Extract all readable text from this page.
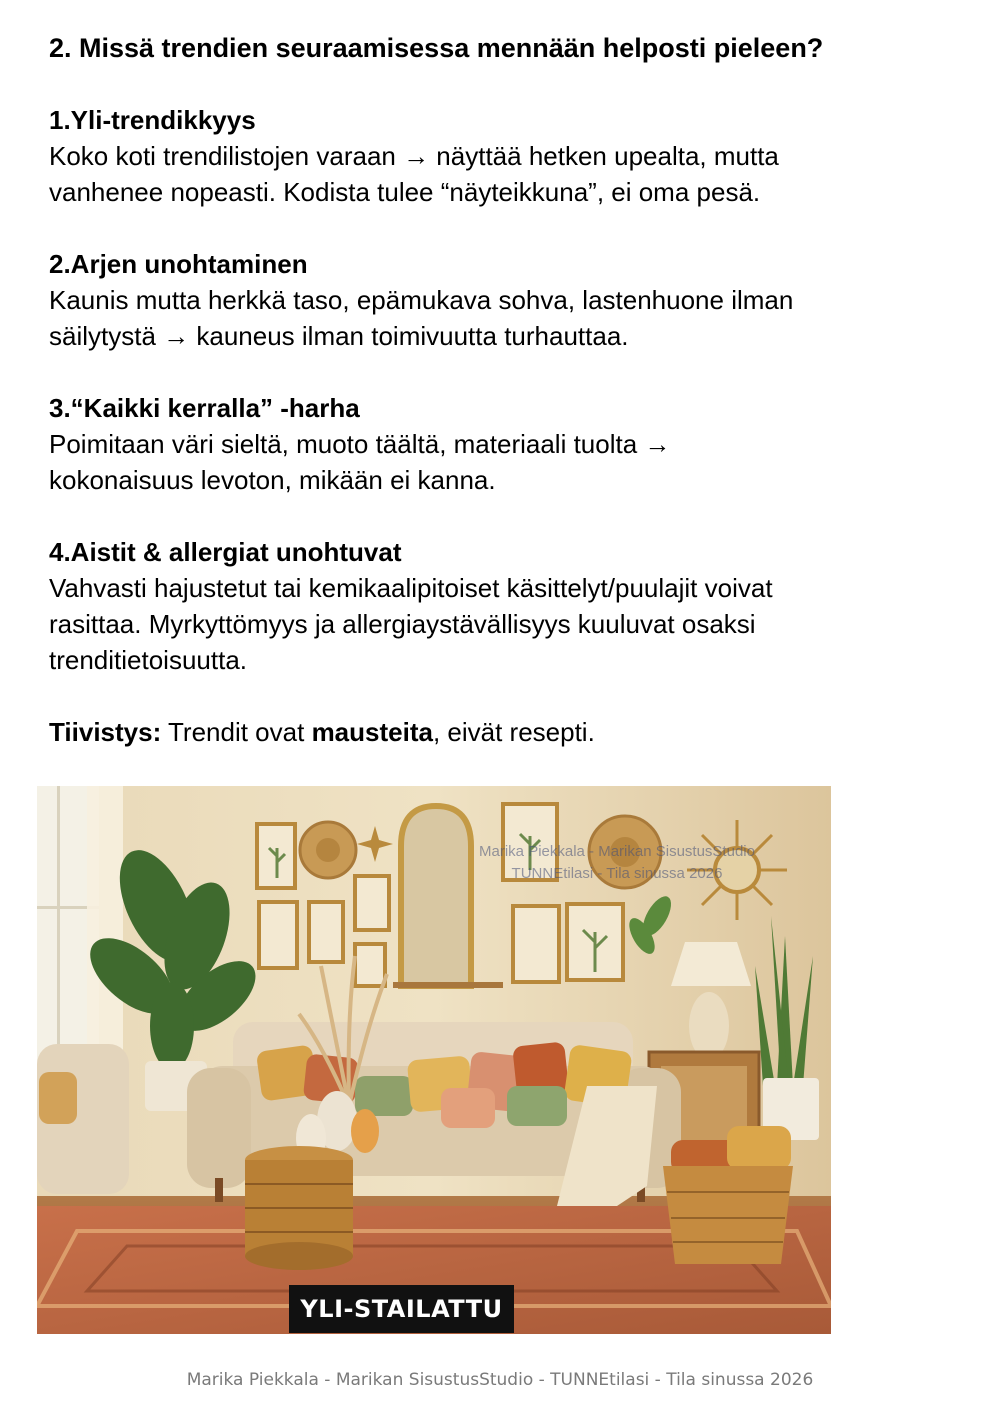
2. Missä trendien seuraamisessa mennään helposti pieleen?

1.Yli-trendikkyys

Koko koti trendilistojen varaan → näyttää hetken upealta, mutta

vanhenee nopeasti. Kodista tulee “näyteikkuna”, ei oma pesä.

2.Arjen unohtaminen

Kaunis mutta herkkä taso, epämukava sohva, lastenhuone ilman

säilytystä → kauneus ilman toimivuutta turhauttaa.

3.“Kaikki kerralla” -harha

Poimitaan väri sieltä, muoto täältä, materiaali tuolta →

kokonaisuus levoton, mikään ei kanna.

4.Aistit & allergiat unohtuvat

Vahvasti hajustetut tai kemikaalipitoiset käsittelyt/puulajit voivat

rasittaa. Myrkyttömyys ja allergiaystävällisyys kuuluvat osaksi

trenditietoisuutta.

Tiivistys: Trendit ovat mausteita, eivät resepti.

Marika Piekkala - Marikan SisustusStudio
TUNNEtilasi - Tila sinussa 2026
YLI-STAILATTU
Marika Piekkala - Marikan SisustusStudio - TUNNEtilasi - Tila sinussa 2026
